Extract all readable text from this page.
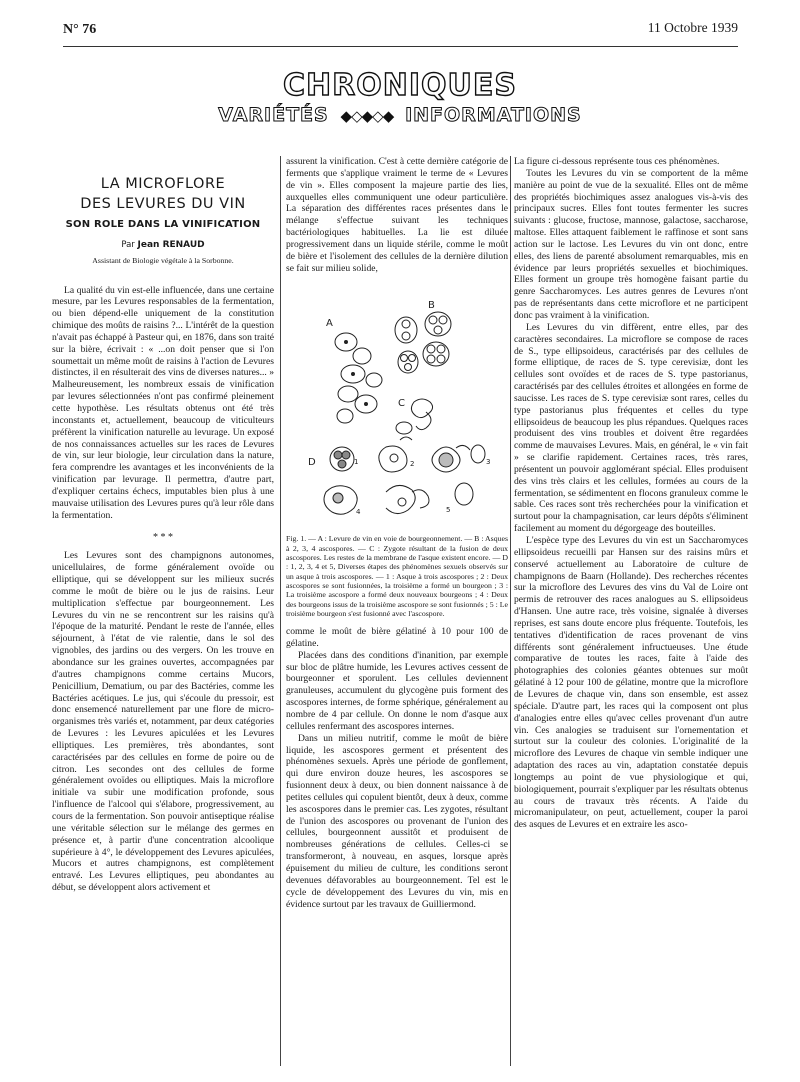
N° 76	11 Octobre 1939
CHRONIQUES
VARIÉTÉS  ◆◇◆◇◆  INFORMATIONS
LA MICROFLORE
DES LEVURES DU VIN
SON ROLE DANS LA VINIFICATION
Par Jean RENAUD
Assistant de Biologie végétale à la Sorbonne.

La qualité du vin est-elle influencée, dans une certaine mesure, par les Levures responsables de la fermentation, ou bien dépend-elle uniquement de la constitution chimique des moûts de raisins ?... L'intérêt de la question n'avait pas échappé à Pasteur qui, en 1876, dans son traité sur la bière, écrivait : « ...on doit penser que si l'on soumettait un même moût de raisins à l'action de Levures distinctes, il en résulterait des vins de diverses natures... » Malheureusement, les nombreux essais de vinification par levures sélectionnées n'ont pas confirmé pleinement cette hypothèse. Les résultats obtenus ont été très inconstants et, actuellement, beaucoup de viticulteurs préfèrent la vinification naturelle au levurage. Un exposé de nos connaissances actuelles sur les races de Levures de vin, sur leur biologie, leur circulation dans la nature, fera comprendre les avantages et les inconvénients de la vinification par levurage. Il permettra, d'autre part, d'expliquer certains échecs, imputables bien plus à une mauvaise utilisation des Levures pures qu'à leur rôle dans la fermentation.

* * *

Les Levures sont des champignons autonomes, unicellulaires, de forme généralement ovoïde ou elliptique, qui se développent sur les milieux sucrés comme le moût de bière ou le jus de raisins. Leur multiplication s'effectue par bourgeonnement. Les Levures du vin ne se rencontrent sur les raisins qu'à l'époque de la maturité. Pendant le reste de l'année, elles séjournent, à l'état de vie ralentie, dans le sol des vignobles, des jardins ou des vergers. On les trouve en abondance sur les graines ouvertes, accompagnées par d'autres champignons comme certains Mucors, Penicillium, Dematium, ou par des Bactéries, comme les Bactéries acétiques. Le jus, qui s'écoule du pressoir, est donc ensemencé naturellement par une flore de micro-organismes très variés et, notamment, par deux catégories de Levures : les Levures apiculées et les Levures elliptiques. Les premières, très abondantes, sont caractérisées par des cellules en forme de poire ou de citron. Les secondes ont des cellules de forme généralement ovoïdes ou elliptiques. Mais la microflore initiale va subir une modification profonde, sous l'influence de l'alcool qui s'élabore, progressivement, au cours de la fermentation. Son pouvoir antiseptique réalise une véritable sélection sur le mélange des germes en présence et, à partir d'une concentration alcoolique supérieure à 4°, le développement des Levures apiculées, Mucors et autres champignons, est complètement entravé. Les Levures elliptiques, peu abondantes au début, se développent alors activement et

assurent la vinification. C'est à cette dernière catégorie de ferments que s'applique vraiment le terme de « Levures de vin ». Elles composent la majeure partie des lies, auxquelles elles communiquent une odeur particulière. La séparation des différentes races présentes dans le mélange s'effectue suivant les techniques bactériologiques habituelles. La lie est diluée progressivement dans un liquide stérile, comme le moût de bière et l'isolement des cellules de la dernière dilution se fait sur milieu solide,

A
B
C
D	1	2	3
4	5
Fig. 1. — A : Levure de vin en voie de bourgeonnement. — B : Asques à 2, 3, 4 ascospores. — C : Zygote résultant de la fusion de deux ascospores. Les restes de la membrane de l'asque existent encore. — D : 1, 2, 3, 4 et 5, Diverses étapes des phénomènes sexuels observés sur un asque à trois ascospores. — 1 : Asque à trois ascospores ; 2 : Deux ascospores se sont fusionnées, la troisième a formé un bourgeon ; 3 : La troisième ascospore a formé deux nouveaux bourgeons ; 4 : Deux des bourgeons issus de la troisième ascospore se sont fusionnés ; 5 : Le troisième bourgeon s'est fusionné avec l'ascospore.

comme le moût de bière gélatiné à 10 pour 100 de gélatine.

Placées dans des conditions d'inanition, par exemple sur bloc de plâtre humide, les Levures actives cessent de bourgeonner et sporulent. Les cellules deviennent granuleuses, accumulent du glycogène puis forment des ascospores internes, de forme sphérique, généralement au nombre de 4 par cellule. On donne le nom d'asque aux cellules renfermant des ascospores internes.

Dans un milieu nutritif, comme le moût de bière liquide, les ascospores germent et présentent des phénomènes sexuels. Après une période de gonflement, qui dure environ douze heures, les ascospores se fusionnent deux à deux, ou bien donnent naissance à de petites cellules qui copulent bientôt, deux à deux, comme les ascospores dans le premier cas. Les zygotes, résultant de l'union des ascospores ou provenant de l'union des cellules, bourgeonnent aussitôt et produisent de nombreuses générations de cellules. Celles-ci se transformeront, à nouveau, en asques, lorsque après épuisement du milieu de culture, les conditions seront devenues défavorables au bourgeonnement. Tel est le cycle de développement des Levures du vin, mis en évidence surtout par les travaux de Guilliermond.

La figure ci-dessous représente tous ces phénomènes.

Toutes les Levures du vin se comportent de la même manière au point de vue de la sexualité. Elles ont de même des propriétés biochimiques assez analogues vis-à-vis des principaux sucres. Elles font toutes fermenter les sucres suivants : glucose, fructose, mannose, galactose, saccharose, maltose. Elles attaquent faiblement le raffinose et sont sans action sur le lactose. Les Levures du vin ont donc, entre elles, des liens de parenté absolument remarquables, mis en évidence par leurs propriétés sexuelles et biochimiques. Elles forment un groupe très homogène faisant partie du genre Saccharomyces. Les autres genres de Levures n'ont pas de représentants dans cette microflore et ne participent donc pas vraiment à la vinification.

Les Levures du vin diffèrent, entre elles, par des caractères secondaires. La microflore se compose de races de S., type ellipsoideus, caractérisés par des cellules de forme elliptique, de races de S. type cerevisiæ, dont les cellules sont ovoïdes et de races de S. type pastorianus, caractérisés par des cellules étroites et allongées en forme de saucisse. Les races de S. type cerevisiæ sont rares, celles du type pastorianus plus fréquentes et celles du type ellipsoideus de beaucoup les plus répandues. Quelques races produisent des vins troubles et doivent être regardées comme de mauvaises Levures. Mais, en général, le « vin fait » se clarifie rapidement. Certaines races, très rares, présentent un pouvoir agglomérant spécial. Elles produisent des vins très clairs et les cellules, formées au cours de la fermentation, se sédimentent en flocons granuleux comme le sable. Ces races sont très recherchées pour la vinification et surtout pour la champagnisation, car leurs dépôts s'éliminent facilement au moment du dégorgeage des bouteilles.

L'espèce type des Levures du vin est un Saccharomyces ellipsoideus recueilli par Hansen sur des raisins mûrs et conservé actuellement au Laboratoire de culture de champignons de Baarn (Hollande). Des recherches récentes sur la microflore des Levures des vins du Val de Loire ont permis de retrouver des races analogues au S. ellipsoideus d'Hansen. Une autre race, très voisine, signalée à diverses reprises, est sans doute encore plus fréquente. Toutefois, les tentatives d'identification de races provenant de vins différents sont généralement infructueuses. Une étude comparative de toutes les races, faite à l'aide des photographies des colonies géantes obtenues sur moût gélatiné à 12 pour 100 de gélatine, montre que la microflore de Levures de chaque vin, dans son ensemble, est assez spéciale. D'autre part, les races qui la composent ont plus d'analogies entre elles qu'avec celles provenant d'un autre vin. Ces analogies se traduisent sur l'ornementation et surtout sur la couleur des colonies. L'originalité de la microflore des Levures de chaque vin semble indiquer une adaptation des races au vin, adaptation constatée depuis longtemps au point de vue physiologique et qui, biologiquement, pourrait s'expliquer par les résultats obtenus au cours de travaux très récents. A l'aide du micromanipulateur, on peut, actuellement, couper la paroi des asques de Levures et en extraire les asco-
